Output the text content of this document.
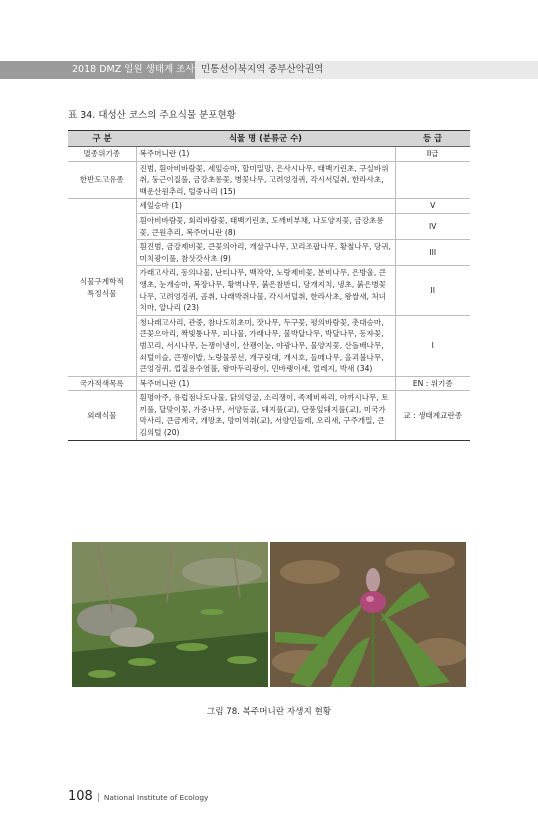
2018 DMZ 일원 생태계 조사 민통선이북지역 중부산악권역
표 34. 대성산 코스의 주요식물 분포현황
구 분	식물 명 (분류군 수)	등 급
멸종위기종	복주머니란 (1)	II급
한반도고유종	진범, 흰아비바람꽃, 세잎승마, 할미밀망, 은사시나무, 태백기린초, 구실바위취, 둥근이질풀, 금강초롱꽃, 병꽃나무, 고려엉겅퀴, 각시서덜취, 한라사초, 백운산원추리, 털중나리 (15)	
식물구계학적
특정식물	세잎승마 (1)	V
	흰아비바람꽃, 회리바람꽃, 태백기린초, 도깨비부채, 나도양지꽃, 금강초롱꽃, 큰원추리, 복주머니란 (8)	IV
	흰진범, 금강제비꽃, 큰꽃의아리, 개살구나무, 꼬리조팝나무, 황철나무, 당귀, 미치광이풀, 참삿갓사초 (9)	III
	가래고사리, 동의나물, 난티나무, 백작약, 노랑제비꽃, 분비나무, 은방울, 큰앵초, 눈개승마, 복장나무, 황벽나무, 붉은참반디, 당개지치, 냉초, 붉은병꽃나무, 고려엉겅퀴, 곰취, 나래박쥐나물, 각시서덜취, 한라사초, 왕쌀새, 처녀치마, 알나리 (23)	II
	청나래고사리, 관중, 참나도히초미, 잣나무, 두구꽃, 평의바람꽃, 촛대승마, 큰꽃으아리, 짝빛퉁나무, 피나물, 가래나무, 물박달나무, 박달나무, 동자꽃, 범꼬리, 서시나무, 는쟁이냉이, 산괭이눈, 야광나무, 물양지꽃, 산돌배나무, 쇠털이슬, 큰쟁이밥, 노랑물봉선, 개구릿대, 개시호, 들메나무, 을괴불나무, 큰엉겅퀴, 껍질용수염풀, 왕마두리광이, 민바랭이새, 얼레지, 박새 (34)	I
국가적색목록	복주머니란 (1)	EN : 위기종
외래식물	흰명아주, 유럽점나도나물, 닭의덩굴, 소리쟁이, 족제비싸리, 아까시나무, 토끼풀, 달맞이꽃, 가중나무, 서양등골, 돼지풀(교), 단풍잎돼지풀(교), 미국가막사리, 큰금계국, 개망초, 망미역취(교), 서양민들레, 오리새, 구주개밀, 큰김의털 (20)	교 : 생태계교란종
그림 78. 복주머니란 자생지 현황
108 | National Institute of Ecology
